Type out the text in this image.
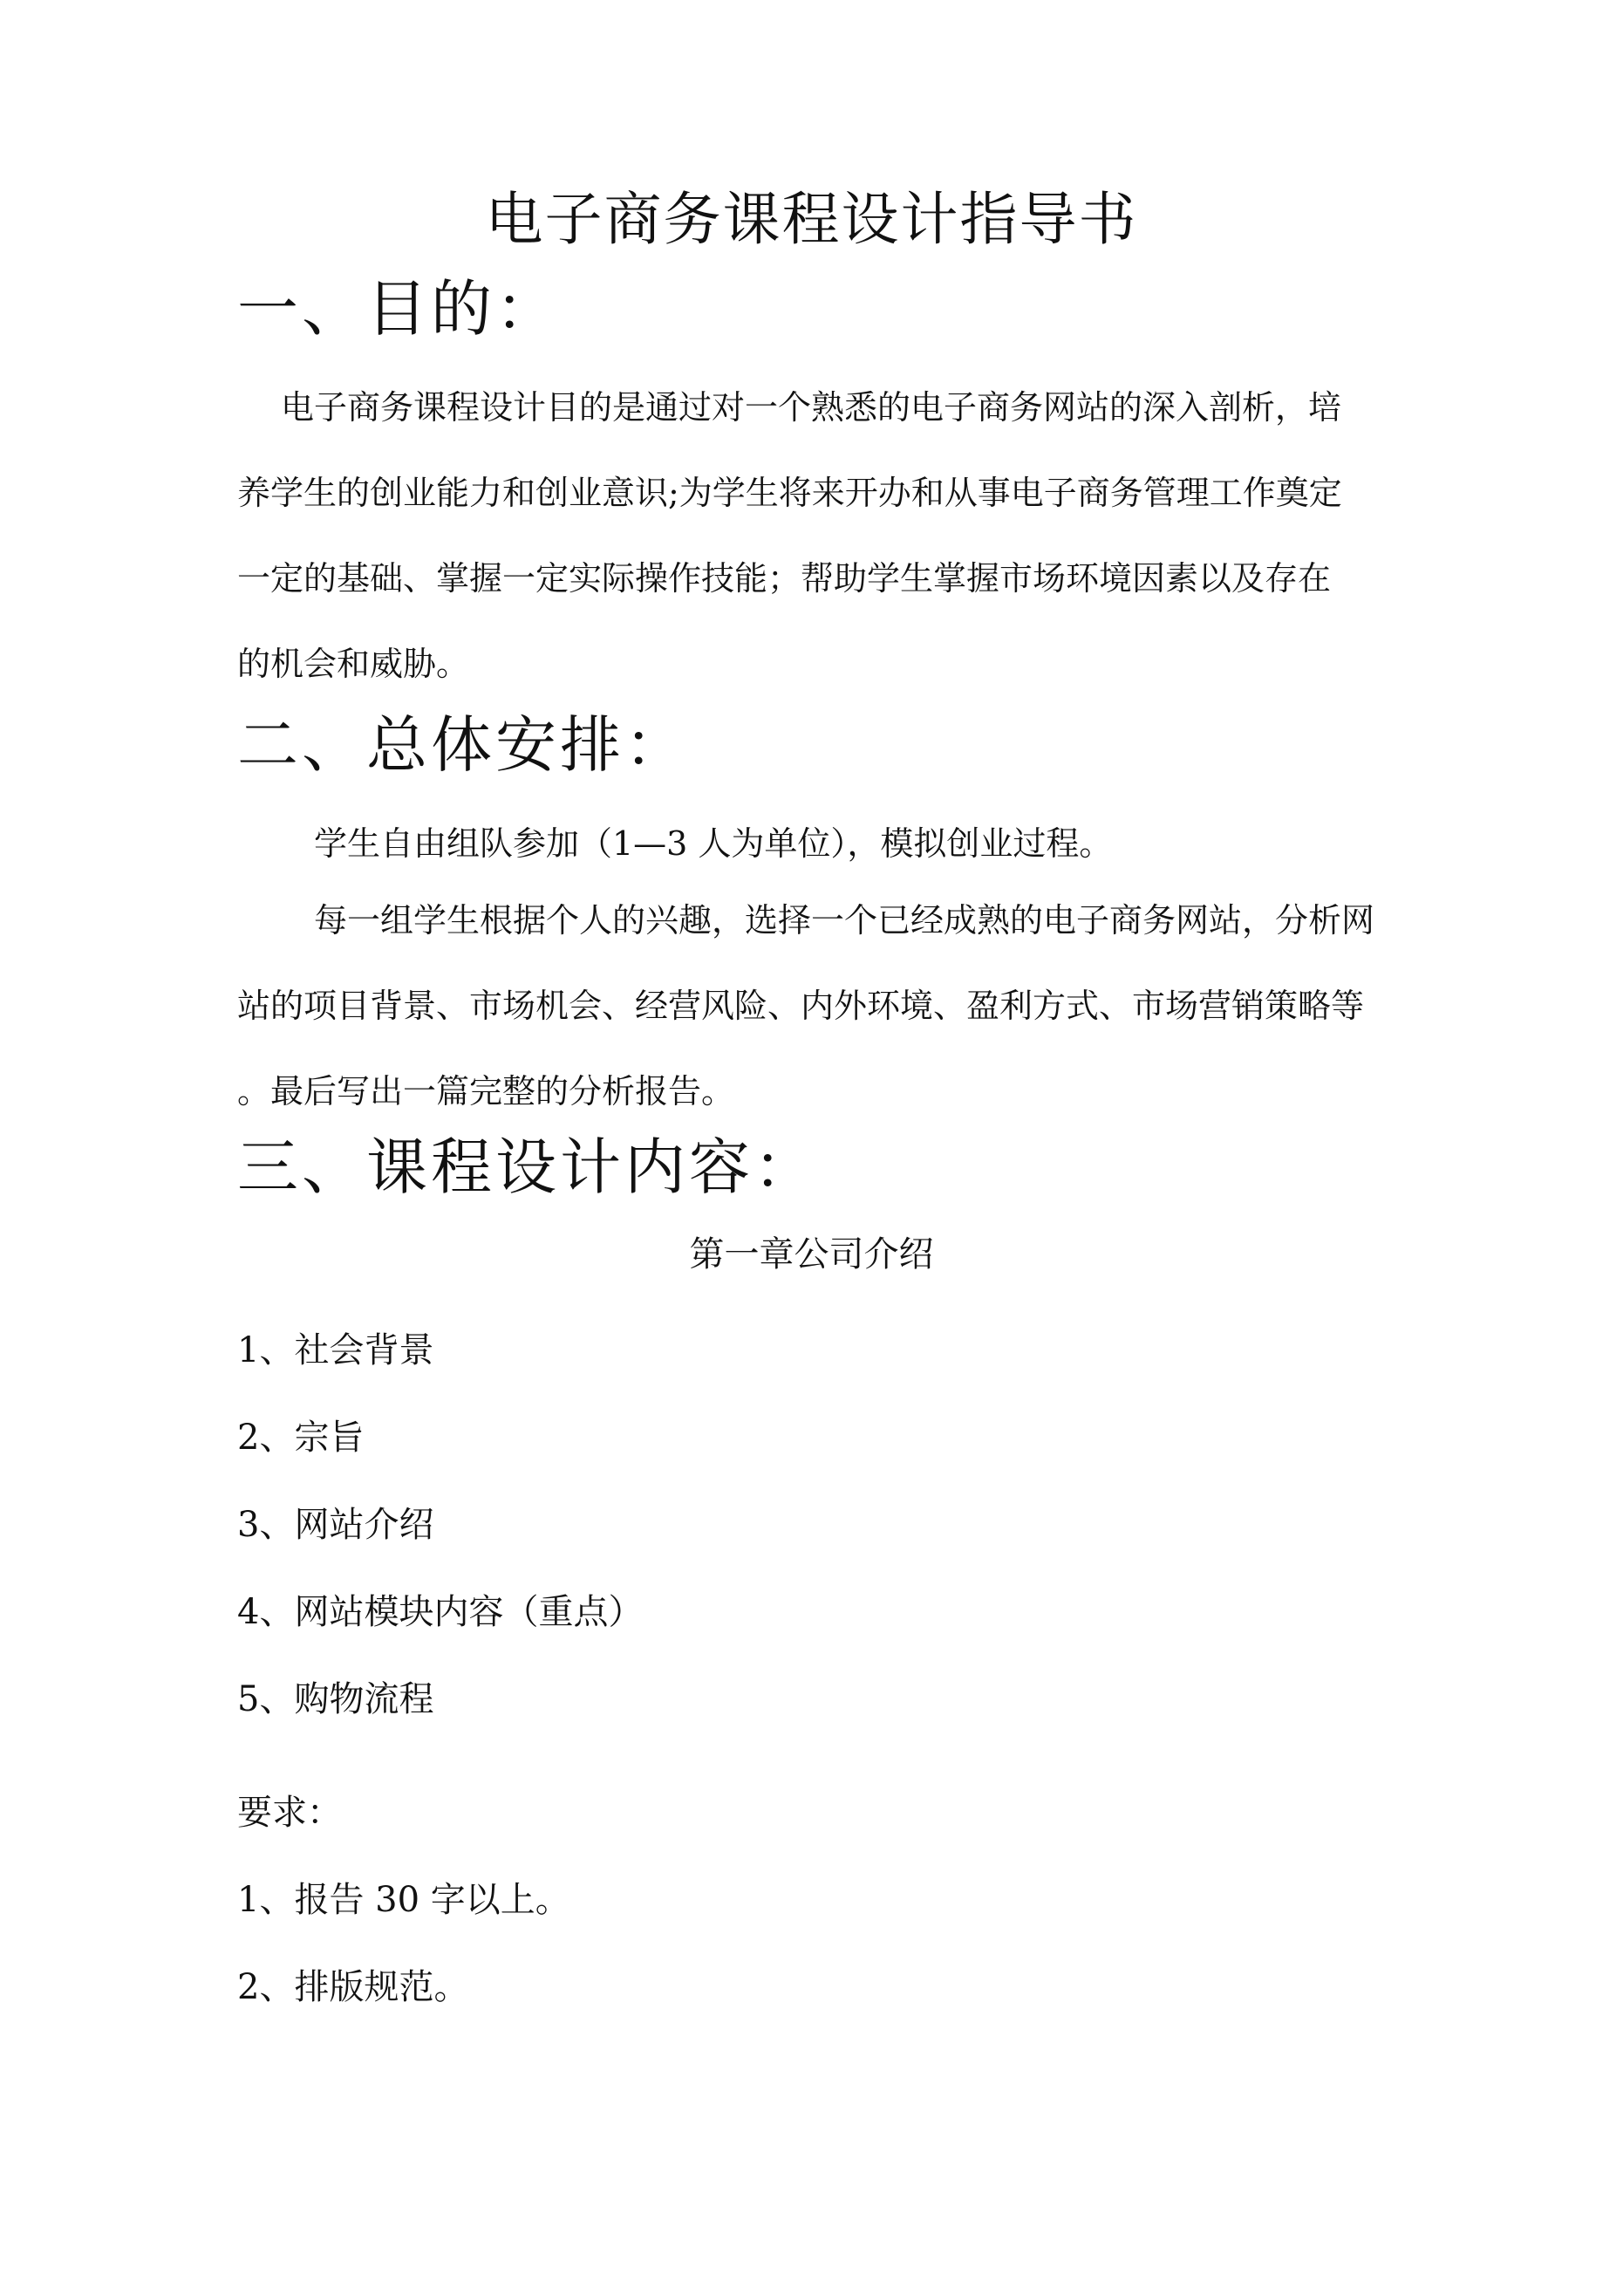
电子商务课程设计指导书
一、目的：
电子商务课程设计目的是通过对一个熟悉的电子商务网站的深入剖析，培
养学生的创业能力和创业意识;为学生将来开办和从事电子商务管理工作奠定
一定的基础、掌握一定实际操作技能；帮助学生掌握市场环境因素以及存在
的机会和威胁。
二、总体安排：
学生自由组队参加（1—3 人为单位），模拟创业过程。
每一组学生根据个人的兴趣，选择一个已经成熟的电子商务网站，分析网
站的项目背景、市场机会、经营风险、内外环境、盈利方式、市场营销策略等
。最后写出一篇完整的分析报告。
三、课程设计内容：
第一章公司介绍
1、社会背景
2、宗旨
3、网站介绍
4、网站模块内容（重点）
5、购物流程
要求：
1、报告 30 字以上。
2、排版规范。
